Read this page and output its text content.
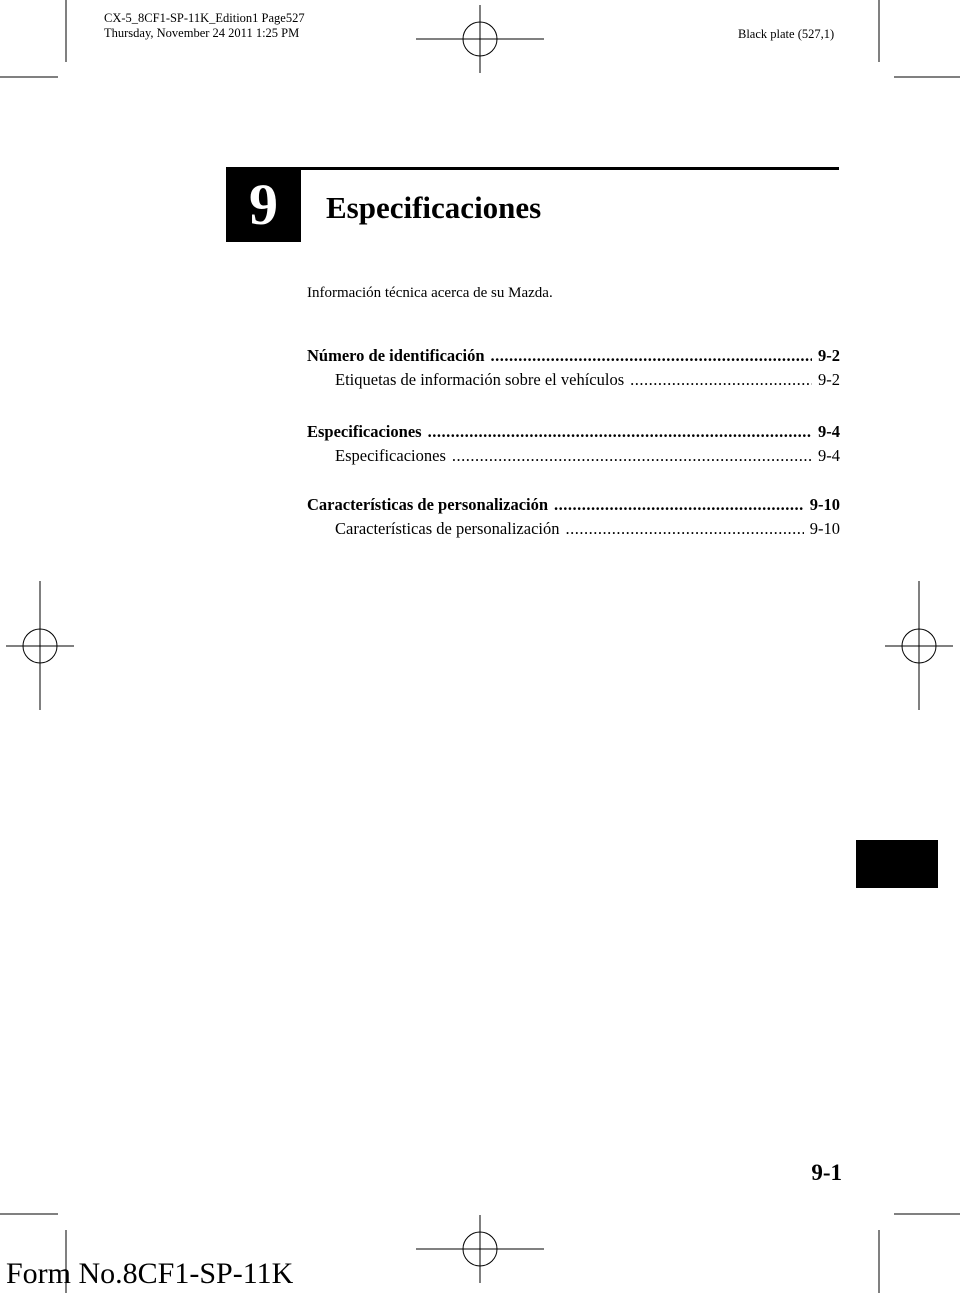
CX-5_8CF1-SP-11K_Edition1 Page527
Thursday, November 24 2011 1:25 PM	Black plate (527,1)
9	Especificaciones
Información técnica acerca de su Mazda.
Número de identificación .....	9-2
Etiquetas de información sobre el vehículos .....	9-2
Especificaciones .....	9-4
Especificaciones .....	9-4
Características de personalización .....	9-10
Características de personalización .....	9-10
9-1
Form No.8CF1-SP-11K
